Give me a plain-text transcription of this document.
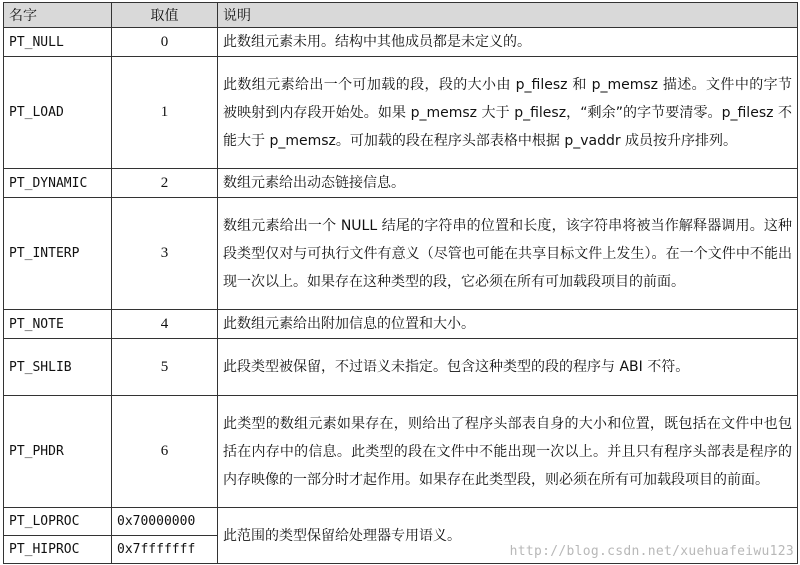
名字	取值	说明
PT_NULL	0	此数组元素未用。结构中其他成员都是未定义的。
PT_LOAD	1	此数组元素给出一个可加载的段，段的大小由 p_filesz 和 p_memsz 描述。文件中的字节被映射到内存段开始处。如果 p_memsz 大于 p_filesz，“剩余”的字节要清零。p_filesz 不能大于 p_memsz。可加载的段在程序头部表格中根据 p_vaddr 成员按升序排列。
PT_DYNAMIC	2	数组元素给出动态链接信息。
PT_INTERP	3	数组元素给出一个 NULL 结尾的字符串的位置和长度，该字符串将被当作解释器调用。这种段类型仅对与可执行文件有意义（尽管也可能在共享目标文件上发生）。在一个文件中不能出现一次以上。如果存在这种类型的段，它必须在所有可加载段项目的前面。
PT_NOTE	4	此数组元素给出附加信息的位置和大小。
PT_SHLIB	5	此段类型被保留，不过语义未指定。包含这种类型的段的程序与 ABI 不符。
PT_PHDR	6	此类型的数组元素如果存在，则给出了程序头部表自身的大小和位置，既包括在文件中也包括在内存中的信息。此类型的段在文件中不能出现一次以上。并且只有程序头部表是程序的内存映像的一部分时才起作用。如果存在此类型段，则必须在所有可加载段项目的前面。
PT_LOPROC	0x70000000	此范围的类型保留给处理器专用语义。
PT_HIPROC	0x7fffffff		http://blog.csdn.net/xuehuafeiwu123
